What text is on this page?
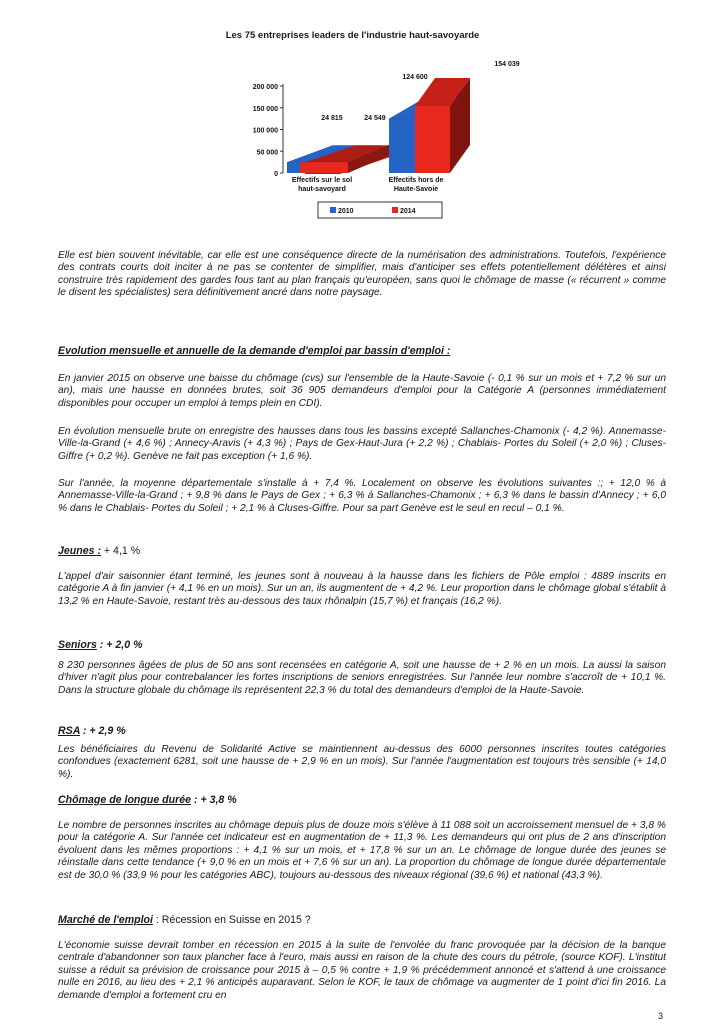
Les 75 entreprises leaders de l'industrie haut-savoyarde
0
50 000
100 000
150 000
200 000
24 815
124 600
24 549
154 039
Effectifs sur le sol
haut-savoyard
Effectifs hors de
Haute-Savoie
2010	2014

Elle est bien souvent inévitable, car elle est une conséquence directe de la numérisation des administrations. Toutefois, l'expérience des contrats courts doit inciter à ne pas se contenter de simplifier, mais d'anticiper ses effets potentiellement délétères et ainsi construire très rapidement des gardes fous tant au plan français qu'européen, sans quoi le chômage de masse (« récurrent » comme le disent les spécialistes) sera définitivement ancré dans notre paysage.

Evolution mensuelle et annuelle de la demande d'emploi par bassin d'emploi :

En janvier 2015 on observe une baisse du chômage (cvs) sur l'ensemble de la Haute-Savoie (- 0,1 % sur un mois et + 7,2 % sur un an), mais une hausse en données brutes, soit 36 905 demandeurs d'emploi pour la Catégorie A (personnes immédiatement disponibles pour occuper un emploi à temps plein en CDI).

En évolution mensuelle brute on enregistre des hausses dans tous les bassins excepté Sallanches-Chamonix (- 4,2 %). Annemasse-Ville-la-Grand (+ 4,6 %) ; Annecy-Aravis (+ 4,3 %) ; Pays de Gex-Haut-Jura (+ 2,2 %) ; Chablais- Portes du Soleil (+ 2,0 %) ; Cluses-Giffre (+ 0,2 %). Genève ne fait pas exception (+ 1,6 %).

Sur l'année, la moyenne départementale s'installe à + 7,4 %. Localement on observe les évolutions suivantes :; + 12,0 % à Annemasse-Ville-la-Grand ; + 9,8 % dans le Pays de Gex ; + 6,3 % à Sallanches-Chamonix ; + 6,3 % dans le bassin d'Annecy ; + 6,0 % dans le Chablais- Portes du Soleil ; + 2,1 % à Cluses-Giffre. Pour sa part Genève est le seul en recul – 0,1 %.

Jeunes : + 4,1 %

L'appel d'air saisonnier étant terminé, les jeunes sont à nouveau à la hausse dans les fichiers de Pôle emploi : 4889 inscrits en catégorie A à fin janvier (+ 4,1 % en un mois). Sur un an, ils augmentent de + 4,2 %. Leur proportion dans le chômage global s'établit à 13,2 % en Haute-Savoie, restant très au-dessous des taux rhônalpin (15,7 %) et français (16,2 %).

Seniors : + 2,0 %

8 230 personnes âgées de plus de 50 ans sont recensées en catégorie A, soit une hausse de + 2 % en un mois. La aussi la saison d'hiver n'agit plus pour contrebalancer les fortes inscriptions de seniors enregistrées. Sur l'année leur nombre s'accroît de + 10,1 %. Dans la structure globale du chômage ils représentent 22,3 % du total des demandeurs d'emploi de la Haute-Savoie.

RSA : + 2,9 %

Les bénéficiaires du Revenu de Solidarité Active se maintiennent au-dessus des 6000 personnes inscrites toutes catégories confondues (exactement 6281, soit une hausse de + 2,9 % en un mois). Sur l'année l'augmentation est toujours très sensible (+ 14,0 %).

Chômage de longue durée : + 3,8 %

Le nombre de personnes inscrites au chômage depuis plus de douze mois s'élève à 11 088 soit un accroissement mensuel de + 3,8 % pour la catégorie A. Sur l'année cet indicateur est en augmentation de + 11,3 %. Les demandeurs qui ont plus de 2 ans d'inscription évoluent dans les mêmes proportions : + 4,1 % sur un mois, et + 17,8 % sur un an. Le chômage de longue durée des jeunes se réinstalle dans cette tendance (+ 9,0 % en un mois et + 7,6 % sur un an). La proportion du chômage de longue durée départementale est de 30,0 % (33,9 % pour les catégories ABC), toujours au-dessous des niveaux régional (39,6 %) et national (43,3 %).

Marché de l'emploi : Récession en Suisse en 2015 ?

L'économie suisse devrait tomber en récession en 2015 à la suite de l'envolée du franc provoquée par la décision de la banque centrale d'abandonner son taux plancher face à l'euro, mais aussi en raison de la chute des cours du pétrole, (source KOF). L'institut suisse a réduit sa prévision de croissance pour 2015 à – 0,5 % contre + 1,9 % précédemment annoncé et s'attend à une croissance nulle en 2016, au lieu des + 2,1 % anticipés auparavant. Selon le KOF, le taux de chômage va augmenter de 1 point d'ici fin 2016. La demande d'emploi a fortement cru en

3
